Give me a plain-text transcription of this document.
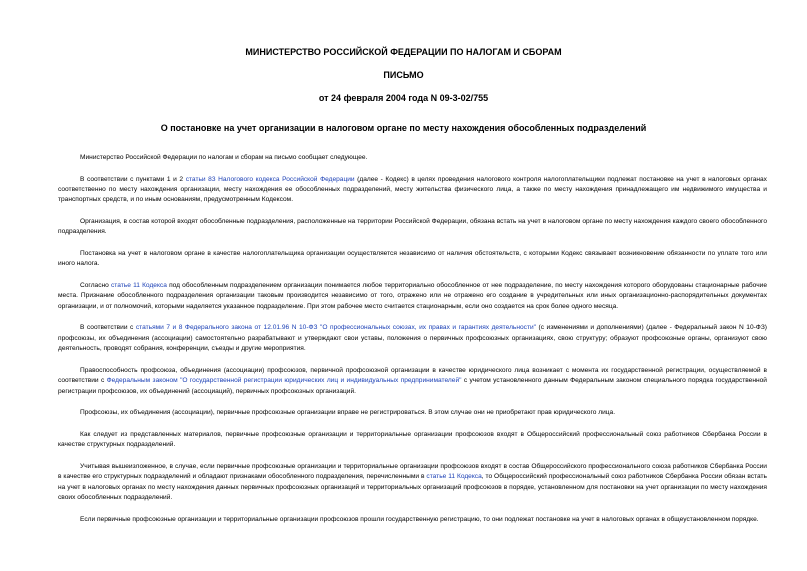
МИНИСТЕРСТВО РОССИЙСКОЙ ФЕДЕРАЦИИ ПО НАЛОГАМ И СБОРАМ
ПИСЬМО
от 24 февраля 2004 года N 09-3-02/755
О постановке на учет организации в налоговом органе по месту нахождения обособленных подразделений

Министерство Российской Федерации по налогам и сборам на письмо сообщает следующее.

В соответствии с пунктами 1 и 2 статьи 83 Налогового кодекса Российской Федерации (далее - Кодекс) в целях проведения налогового контроля налогоплательщики подлежат постановке на учет в налоговых органах соответственно по месту нахождения организации, месту нахождения ее обособленных подразделений, месту жительства физического лица, а также по месту нахождения принадлежащего им недвижимого имущества и транспортных средств, и по иным основаниям, предусмотренным Кодексом.

Организация, в состав которой входят обособленные подразделения, расположенные на территории Российской Федерации, обязана встать на учет в налоговом органе по месту нахождения каждого своего обособленного подразделения.

Постановка на учет в налоговом органе в качестве налогоплательщика организации осуществляется независимо от наличия обстоятельств, с которыми Кодекс связывает возникновение обязанности по уплате того или иного налога.

Согласно статье 11 Кодекса под обособленным подразделением организации понимается любое территориально обособленное от нее подразделение, по месту нахождения которого оборудованы стационарные рабочие места. Признание обособленного подразделения организации таковым производится независимо от того, отражено или не отражено его создание в учредительных или иных организационно-распорядительных документах организации, и от полномочий, которыми наделяется указанное подразделение. При этом рабочее место считается стационарным, если оно создается на срок более одного месяца.

В соответствии с статьями 7 и 8 Федерального закона от 12.01.96 N 10-ФЗ "О профессиональных союзах, их правах и гарантиях деятельности" (с изменениями и дополнениями) (далее - Федеральный закон N 10-ФЗ) профсоюзы, их объединения (ассоциации) самостоятельно разрабатывают и утверждают свои уставы, положения о первичных профсоюзных организациях, свою структуру; образуют профсоюзные органы, организуют свою деятельность, проводят собрания, конференции, съезды и другие мероприятия.

Правоспособность профсоюза, объединения (ассоциации) профсоюзов, первичной профсоюзной организации в качестве юридического лица возникает с момента их государственной регистрации, осуществляемой в соответствии с Федеральным законом "О государственной регистрации юридических лиц и индивидуальных предпринимателей" с учетом установленного данным Федеральным законом специального порядка государственной регистрации профсоюзов, их объединений (ассоциаций), первичных профсоюзных организаций.

Профсоюзы, их объединения (ассоциации), первичные профсоюзные организации вправе не регистрироваться. В этом случае они не приобретают прав юридического лица.

Как следует из представленных материалов, первичные профсоюзные организации и территориальные организации профсоюзов входят в Общероссийский профессиональный союз работников Сбербанка России в качестве структурных подразделений.

Учитывая вышеизложенное, в случае, если первичные профсоюзные организации и территориальные организации профсоюзов входят в состав Общероссийского профессионального союза работников Сбербанка России в качестве его структурных подразделений и обладают признаками обособленного подразделения, перечисленными в статье 11 Кодекса, то Общероссийский профессиональный союз работников Сбербанка России обязан встать на учет в налоговых органах по месту нахождения данных первичных профсоюзных организаций и территориальных организаций профсоюзов в порядке, установленном для постановки на учет организации по месту нахождения своих обособленных подразделений.

Если первичные профсоюзные организации и территориальные организации профсоюзов прошли государственную регистрацию, то они подлежат постановке на учет в налоговых органах в общеустановленном порядке.
